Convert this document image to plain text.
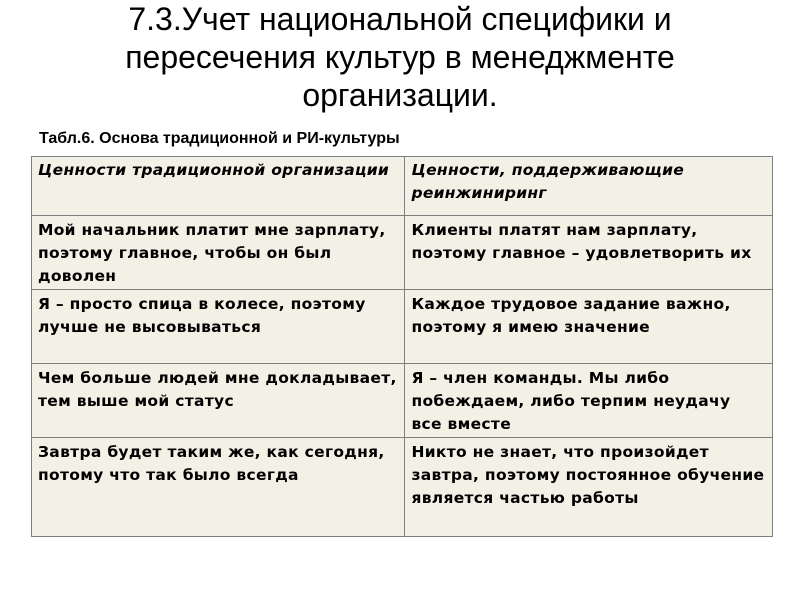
7.3.Учет национальной специфики и
пересечения культур в менеджменте
организации.
Табл.6. Основа традиционной и РИ-культуры
Ценности традиционной организации	Ценности, поддерживающие реинжиниринг
Мой начальник платит мне зарплату, поэтому главное, чтобы он был доволен	Клиенты платят нам зарплату, поэтому главное – удовлетворить их
Я – просто спица в колесе, поэтому лучше не высовываться	Каждое трудовое задание важно, поэтому я имею значение
Чем больше людей мне докладывает, тем выше мой статус	Я – член команды. Мы либо побеждаем, либо терпим неудачу все вместе
Завтра будет таким же, как сегодня, потому что так было всегда	Никто не знает, что произойдет завтра, поэтому постоянное обучение является частью работы
